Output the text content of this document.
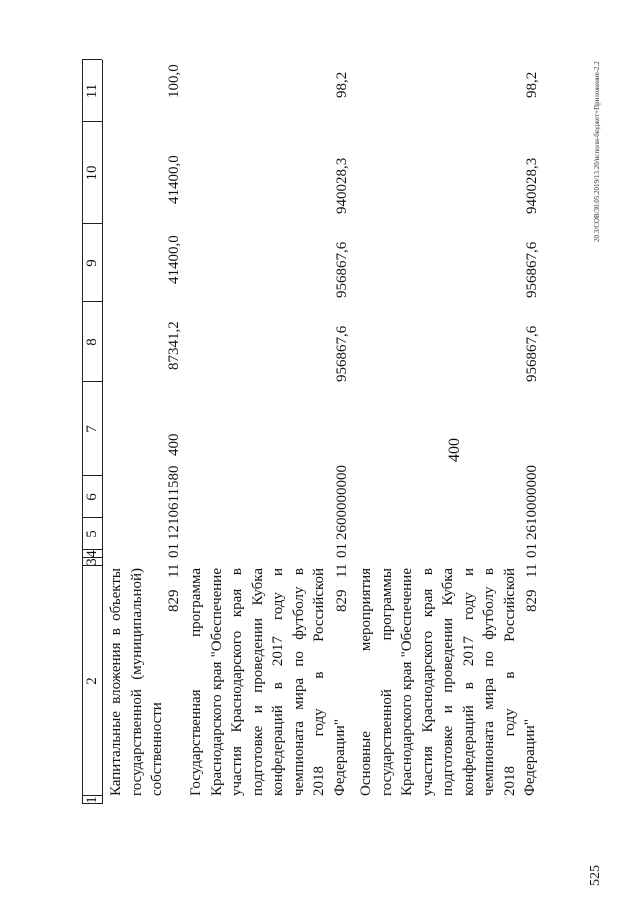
400
1
2
3
4
5
6
7
8
9
10
11
Капитальные вложения в объекты государственной (муниципальной) собственности
829
11
01
1210611580
400
87341,2
41400,0
41400,0
100,0
Государственная программа Краснодарского края "Обеспечение участия Краснодарского края в подготовке и проведении Кубка конфедераций в 2017 году и чемпионата мира по футболу в 2018 году в Российской Федерации"
829
11
01
2600000000
956867,6
956867,6
940028,3
98,2
Основные мероприятия государственной программы Краснодарского края "Обеспечение участия Краснодарского края в подготовке и проведении Кубка конфедераций в 2017 году и чемпионата мира по футболу в 2018 году в Российской Федерации"
829
11
01
2610000000
956867,6
956867,6
940028,3
98,2	20.3/СОВ/30.05.2019/13.20/исполн-бюджет+Приложение-2.2
525
